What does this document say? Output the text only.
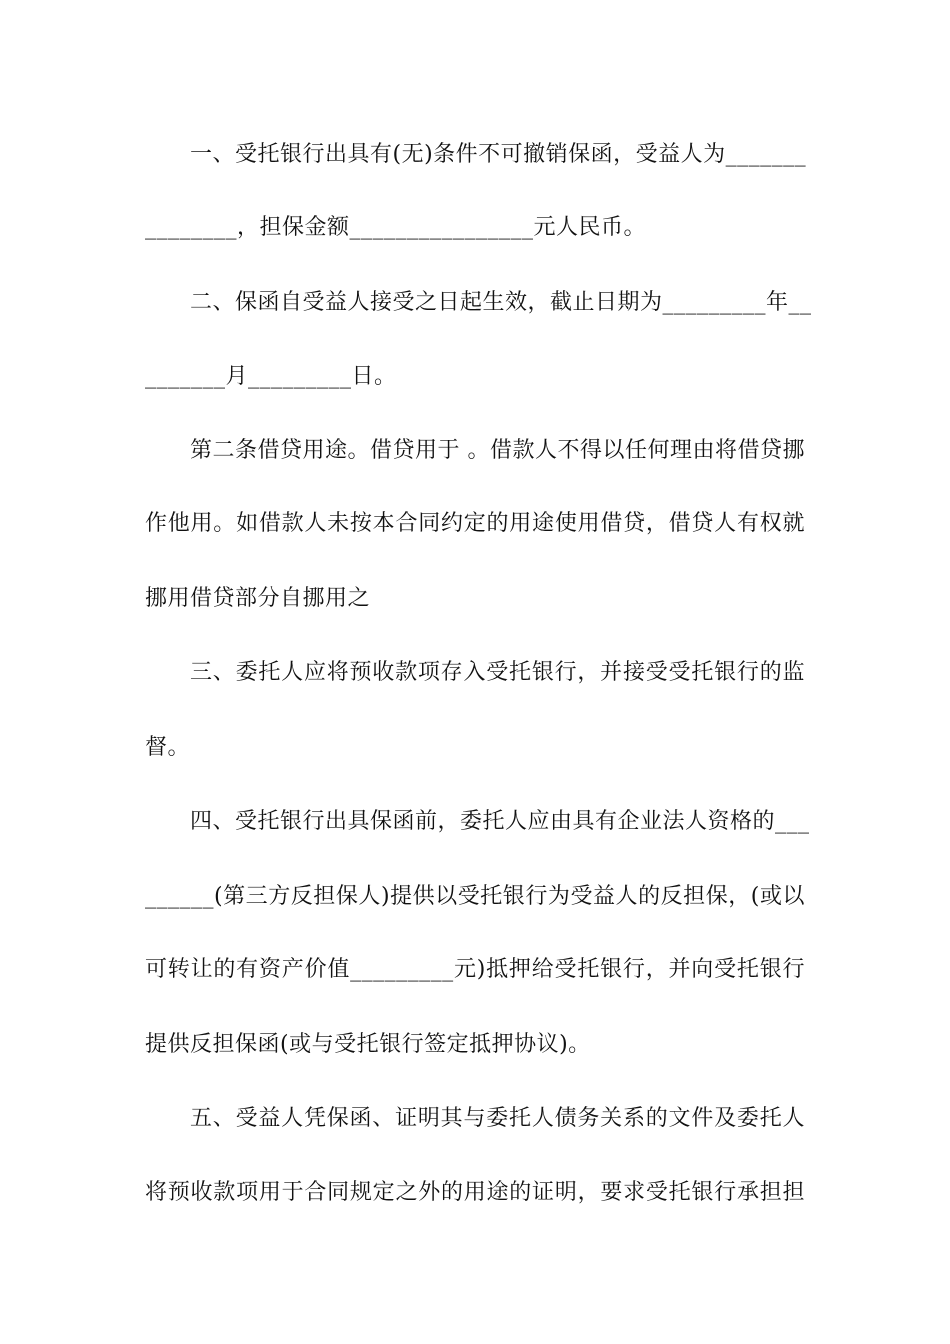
一、受托银行出具有(无)条件不可撤销保函，受益人为_______
________，担保金额________________元人民币。
二、保函自受益人接受之日起生效，截止日期为_________年__
_______月_________日。
第二条借贷用途。借贷用于 。借款人不得以任何理由将借贷挪
作他用。如借款人未按本合同约定的用途使用借贷，借贷人有权就
挪用借贷部分自挪用之
三、委托人应将预收款项存入受托银行，并接受受托银行的监
督。
四、受托银行出具保函前，委托人应由具有企业法人资格的___
______(第三方反担保人)提供以受托银行为受益人的反担保，(或以
可转让的有资产价值_________元)抵押给受托银行，并向受托银行
提供反担保函(或与受托银行签定抵押协议)。
五、受益人凭保函、证明其与委托人债务关系的文件及委托人
将预收款项用于合同规定之外的用途的证明，要求受托银行承担担
